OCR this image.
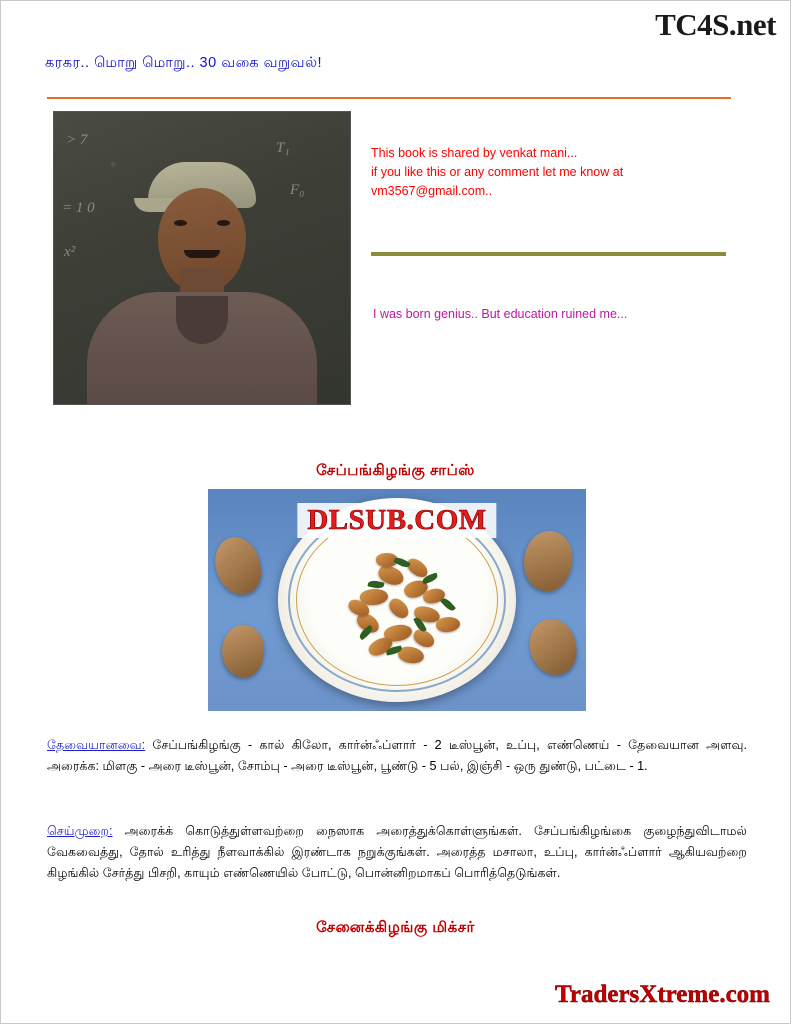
TC4S.net
கரகர.. மொறு மொறு.. 30 வகை வறுவல்!
> 7
= 1 0
x²
T₁
F₀
This book is shared by venkat mani...
if you like this or any comment let me know at
vm3567@gmail.com..
I was born genius.. But education ruined me...
சேப்பங்கிழங்கு சாப்ஸ்
DLSUB.COM
தேவையானவை: சேப்பங்கிழங்கு - கால் கிலோ, கார்ன்ஃப்ளார் - 2 டீஸ்பூன், உப்பு, எண்ணெய் - தேவையான அளவு. அரைக்க: மிளகு - அரை டீஸ்பூன், சோம்பு - அரை டீஸ்பூன், பூண்டு - 5 பல், இஞ்சி - ஒரு துண்டு, பட்டை - 1.
செய்முறை: அரைக்க் கொடுத்துள்ளவற்றை நைஸாக அரைத்துக்கொள்ளுங்கள். சேப்பங்கிழங்கை குழைந்துவிடாமல் வேகவைத்து, தோல் உரித்து நீளவாக்கில் இரண்டாக நறுக்குங்கள். அரைத்த மசாலா, உப்பு, கார்ன்ஃப்ளார் ஆகியவற்றை கிழங்கில் சேர்த்து பிசறி, காயும் எண்ணெயில் போட்டு, பொன்னிறமாகப் பொரித்தெடுங்கள்.
சேனைக்கிழங்கு மிக்சர்
TradersXtreme.com
